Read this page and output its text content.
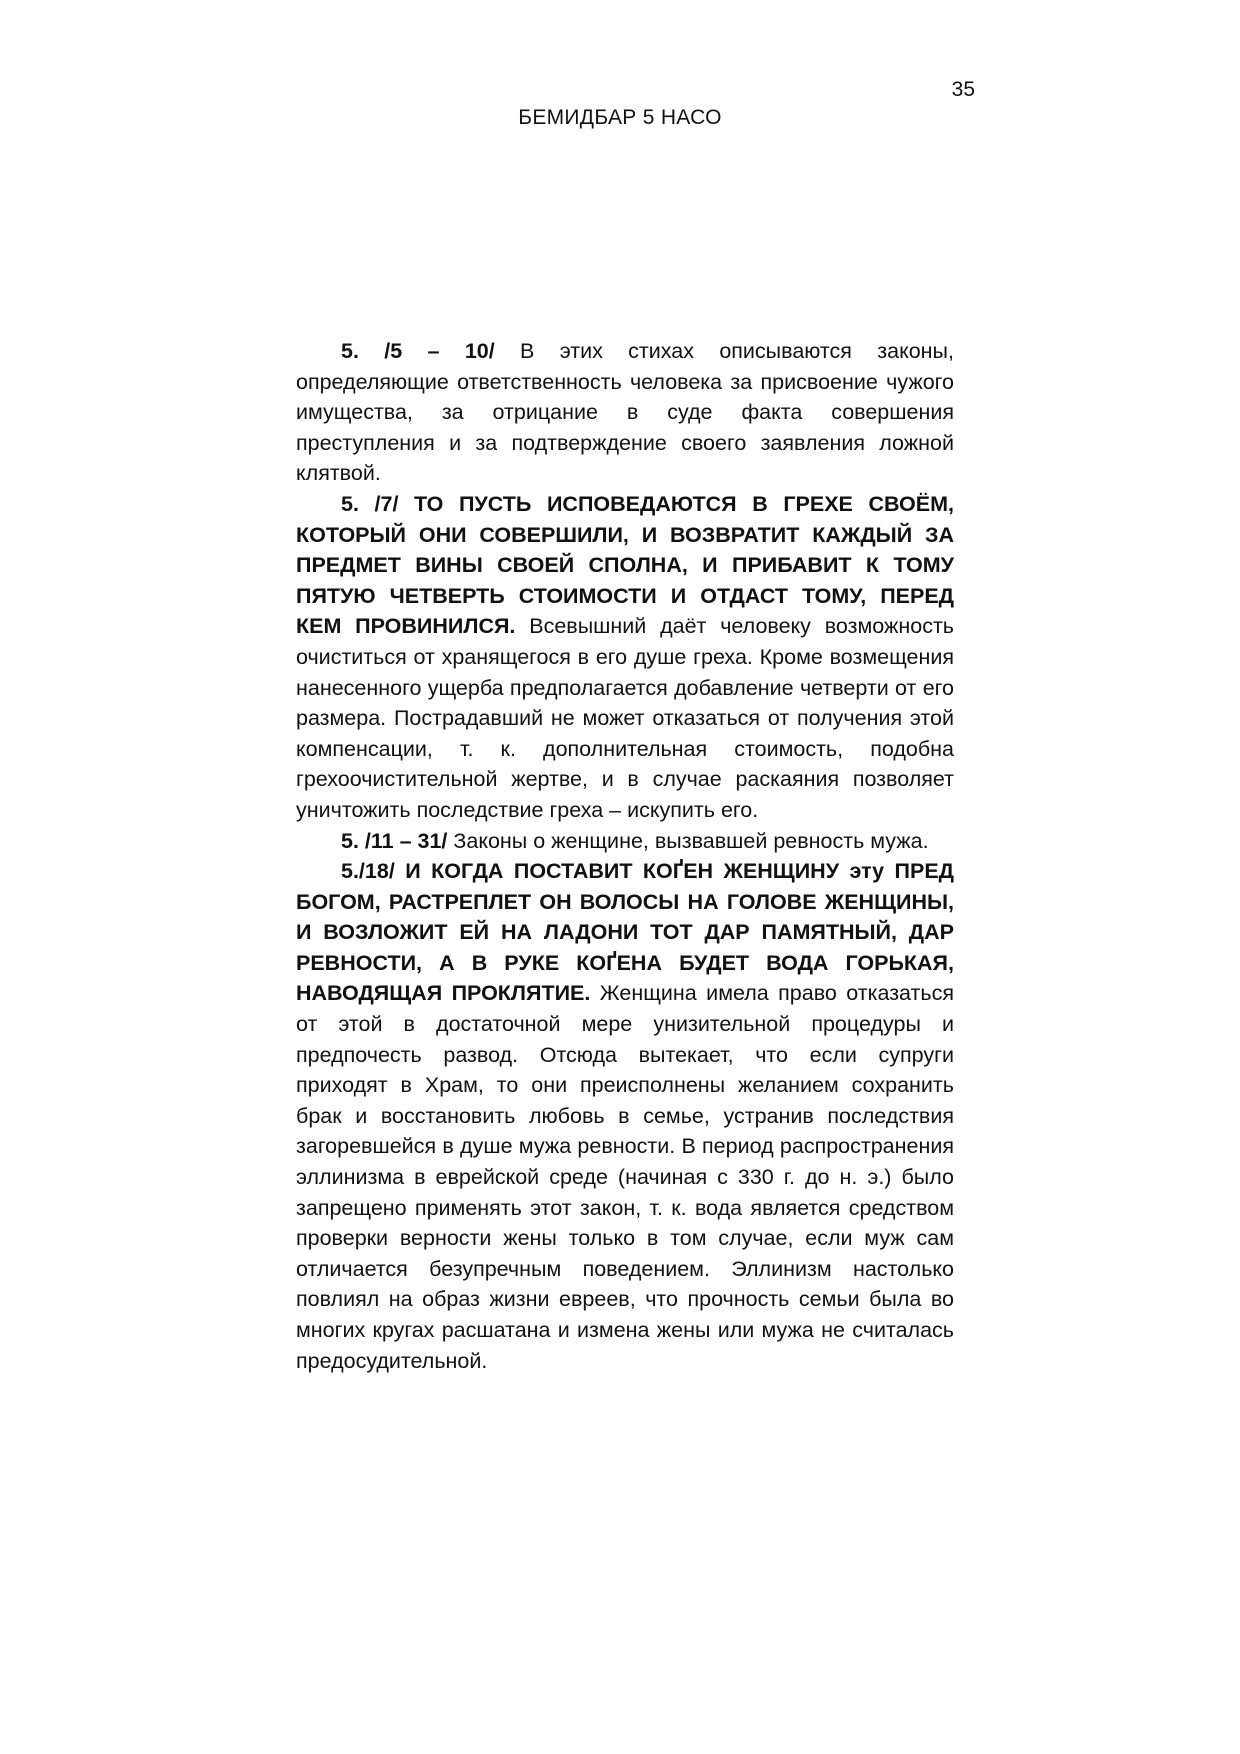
35
БЕМИДБАР 5 НАСО

5. /5 – 10/ В этих стихах описываются законы, определяющие ответственность человека за присвоение чужого имущества, за отрицание в суде факта совершения преступления и за подтверждение своего заявления ложной клятвой.

5. /7/ ТО ПУСТЬ ИСПОВЕДАЮТСЯ В ГРЕХЕ СВОЁМ, КОТОРЫЙ ОНИ СОВЕРШИЛИ, И ВОЗВРАТИТ КАЖДЫЙ ЗА ПРЕДМЕТ ВИНЫ СВОЕЙ СПОЛНА, И ПРИБАВИТ К ТОМУ ПЯТУЮ ЧЕТВЕРТЬ СТОИМОСТИ И ОТДАСТ ТОМУ, ПЕРЕД КЕМ ПРОВИНИЛСЯ. Всевышний даёт человеку возможность очиститься от хранящегося в его душе греха. Кроме возмещения нанесенного ущерба предполагается добавление четверти от его размера. Пострадавший не может отказаться от получения этой компенсации, т. к. дополнительная стоимость, подобна грехоочистительной жертве, и в случае раскаяния позволяет уничтожить последствие греха – искупить его.

5. /11 – 31/ Законы о женщине, вызвавшей ревность мужа.

5./18/ И КОГДА ПОСТАВИТ КОҐЕН ЖЕНЩИНУ эту ПРЕД БОГОМ, РАСТРЕПЛЕТ ОН ВОЛОСЫ НА ГОЛОВЕ ЖЕНЩИНЫ, И ВОЗЛОЖИТ ЕЙ НА ЛАДОНИ ТОТ ДАР ПАМЯТНЫЙ, ДАР РЕВНОСТИ, А В РУКЕ КОҐЕНА БУДЕТ ВОДА ГОРЬКАЯ, НАВОДЯЩАЯ ПРОКЛЯТИЕ. Женщина имела право отказаться от этой в достаточной мере унизительной процедуры и предпочесть развод. Отсюда вытекает, что если супруги приходят в Храм, то они преисполнены желанием сохранить брак и восстановить любовь в семье, устранив последствия загоревшейся в душе мужа ревности. В период распространения эллинизма в еврейской среде (начиная с 330 г. до н. э.) было запрещено применять этот закон, т. к. вода является средством проверки верности жены только в том случае, если муж сам отличается безупречным поведением. Эллинизм настолько повлиял на образ жизни евреев, что прочность семьи была во многих кругах расшатана и измена жены или мужа не считалась предосудительной.
